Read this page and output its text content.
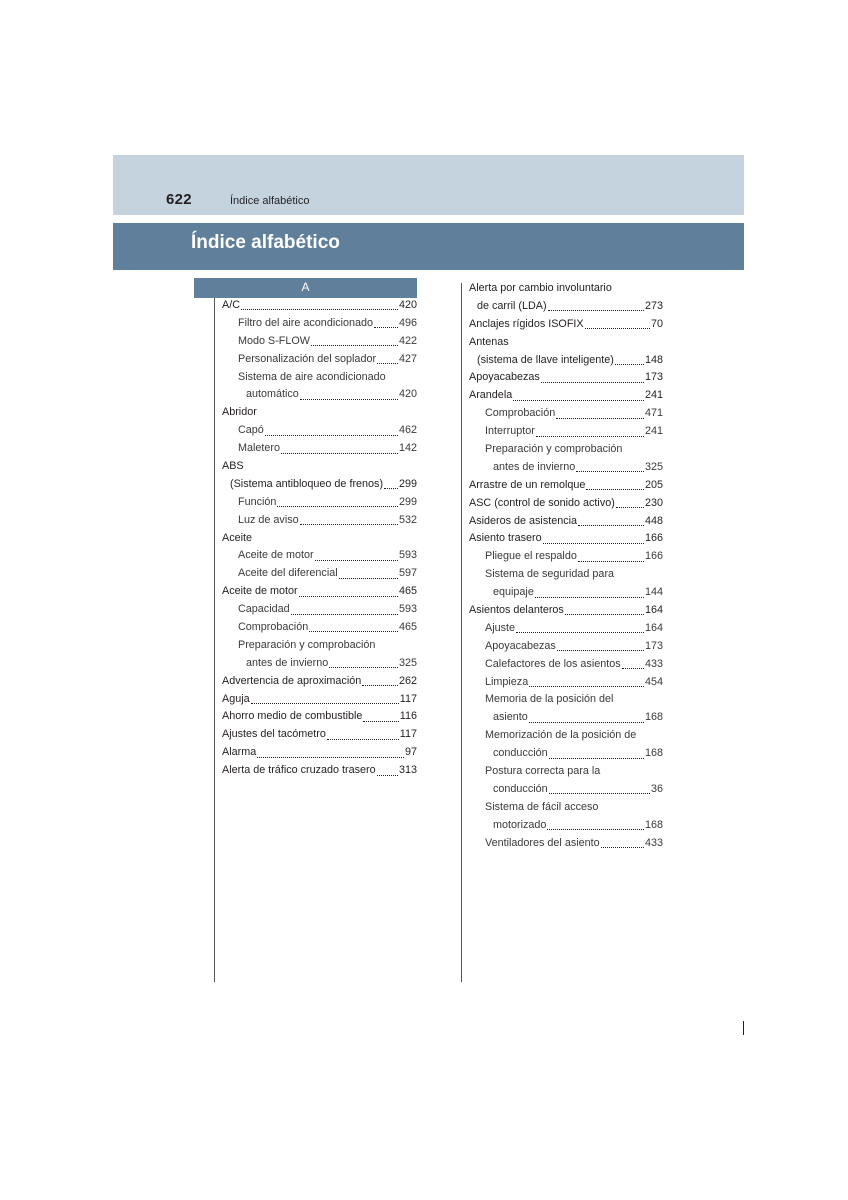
622	Índice alfabético
Índice alfabético
A
A/C	420
Filtro del aire acondicionado 496
Modo S-FLOW	422
Personalización del soplador 427
Sistema de aire acondicionado
automático	420
Abridor
Capó	462
Maletero	142
ABS
(Sistema antibloqueo de frenos) 299
Función	299
Luz de aviso	532
Aceite
Aceite de motor	593
Aceite del diferencial	597
Aceite de motor	465
Capacidad	593
Comprobación	465
Preparación y comprobación
antes de invierno	325
Advertencia de aproximación	262
Aguja	117
Ahorro medio de combustible	116
Ajustes del tacómetro	117
Alarma	97
Alerta de tráfico cruzado trasero 313
Alerta por cambio involuntario
de carril (LDA)	273
Anclajes rígidos ISOFIX	70
Antenas
(sistema de llave inteligente)	148
Apoyacabezas	173
Arandela	241
Comprobación	471
Interruptor	241
Preparación y comprobación
antes de invierno	325
Arrastre de un remolque	205
ASC (control de sonido activo)	230
Asideros de asistencia	448
Asiento trasero	166
Pliegue el respaldo	166
Sistema de seguridad para
equipaje	144
Asientos delanteros	164
Ajuste	164
Apoyacabezas	173
Calefactores de los asientos 433
Limpieza	454
Memoria de la posición del
asiento	168
Memorización de la posición de
conducción	168
Postura correcta para la
conducción	36
Sistema de fácil acceso
motorizado	168
Ventiladores del asiento	433
